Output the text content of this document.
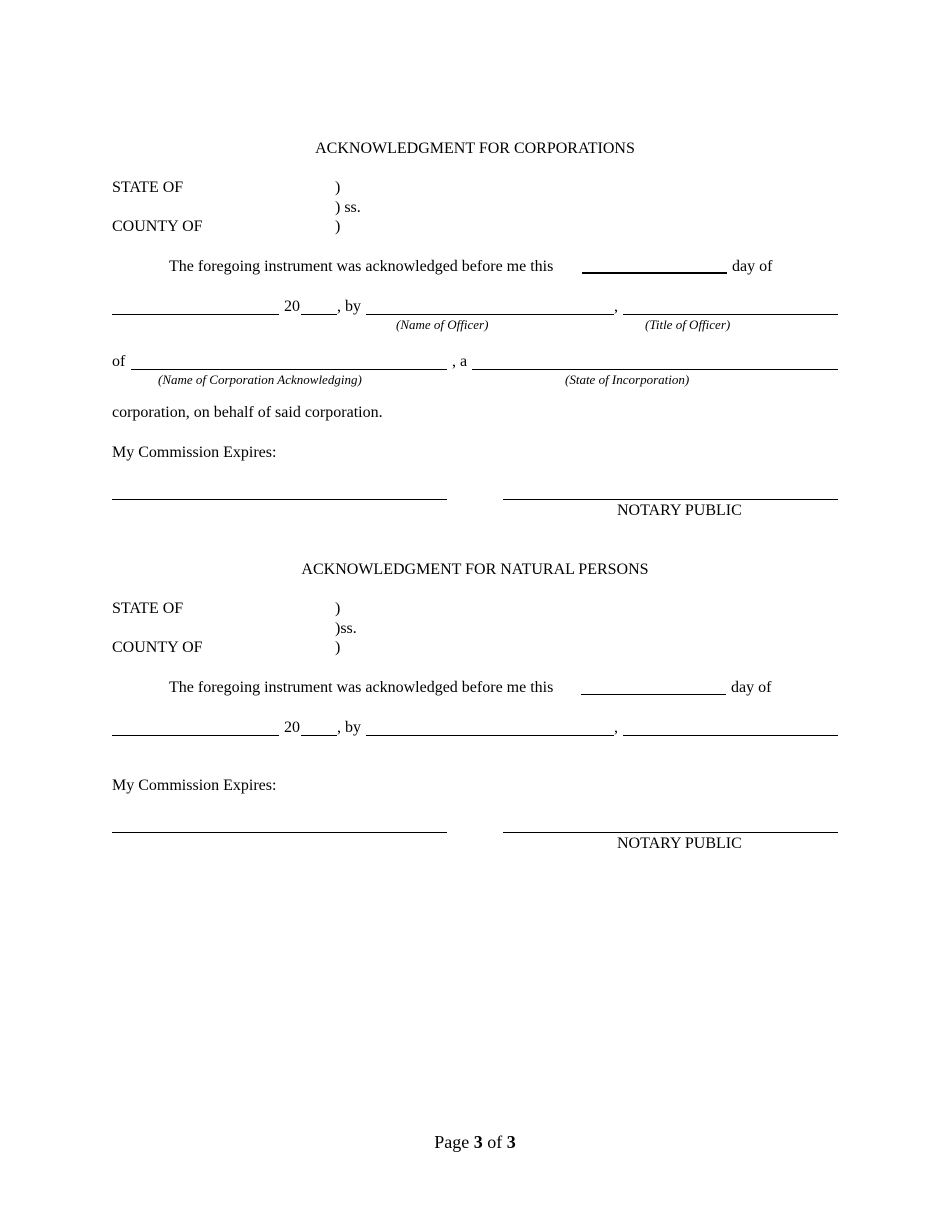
ACKNOWLEDGMENT FOR CORPORATIONS
STATE OF	)
) ss.
COUNTY OF	)
The foregoing instrument was acknowledged before me this	day of
20 , by	,
(Name of Officer)	(Title of Officer)
of	, a
(Name of Corporation Acknowledging)	(State of Incorporation)
corporation, on behalf of said corporation.
My Commission Expires:
NOTARY PUBLIC
ACKNOWLEDGMENT FOR NATURAL PERSONS
STATE OF	)
)ss.
COUNTY OF	)
The foregoing instrument was acknowledged before me this	day of
20 , by	,
My Commission Expires:
NOTARY PUBLIC
Page 3 of 3
